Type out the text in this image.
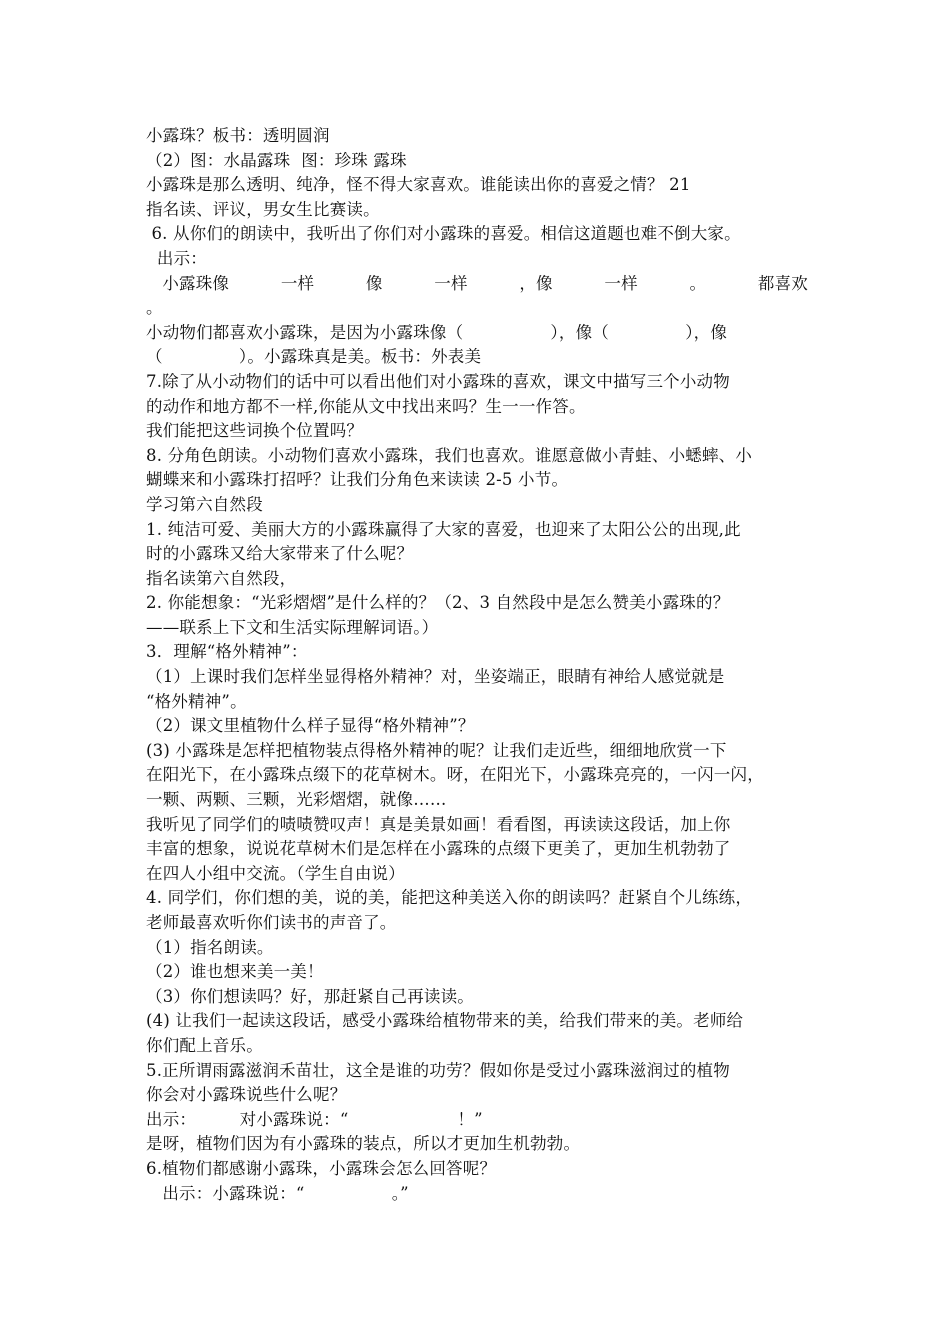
小露珠？板书：透明圆润
（2）图：水晶露珠  图：珍珠 露珠
小露珠是那么透明、纯净，怪不得大家喜欢。谁能读出你的喜爱之情？ 21
指名读、评议，男女生比赛读。
6. 从你们的朗读中，我听出了你们对小露珠的喜爱。相信这道题也难不倒大家。
出示：
小露珠像	一样	像	一样	，像	一样	。	都喜欢
。
小动物们都喜欢小露珠，是因为小露珠像（                ），像（              ），像
（              ）。小露珠真是美。板书：外表美
7.除了从小动物们的话中可以看出他们对小露珠的喜欢，课文中描写三个小动物
的动作和地方都不一样,你能从文中找出来吗？生一一作答。
我们能把这些词换个位置吗？
8. 分角色朗读。小动物们喜欢小露珠，我们也喜欢。谁愿意做小青蛙、小蟋蟀、小
蝴蝶来和小露珠打招呼？让我们分角色来读读 2-5 小节。
学习第六自然段
1. 纯洁可爱、美丽大方的小露珠赢得了大家的喜爱，也迎来了太阳公公的出现,此
时的小露珠又给大家带来了什么呢？
指名读第六自然段，
2. 你能想象：“光彩熠熠”是什么样的？（2、3 自然段中是怎么赞美小露珠的？
——联系上下文和生活实际理解词语。）
3．理解“格外精神”：
（1）上课时我们怎样坐显得格外精神？对，坐姿端正，眼睛有神给人感觉就是
“格外精神”。
（2）课文里植物什么样子显得“格外精神”？
(3) 小露珠是怎样把植物装点得格外精神的呢？让我们走近些，细细地欣赏一下
在阳光下，在小露珠点缀下的花草树木。呀，在阳光下，小露珠亮亮的，一闪一闪，
一颗、两颗、三颗，光彩熠熠，就像……
我听见了同学们的啧啧赞叹声！真是美景如画！看看图，再读读这段话，加上你
丰富的想象，说说花草树木们是怎样在小露珠的点缀下更美了，更加生机勃勃了
在四人小组中交流。（学生自由说）
4. 同学们，你们想的美，说的美，能把这种美送入你的朗读吗？赶紧自个儿练练，
老师最喜欢听你们读书的声音了。
（1）指名朗读。
（2）谁也想来美一美！
（3）你们想读吗？好，那赶紧自己再读读。
(4) 让我们一起读这段话，感受小露珠给植物带来的美，给我们带来的美。老师给
你们配上音乐。
5.正所谓雨露滋润禾苗壮，这全是谁的功劳？假如你是受过小露珠滋润过的植物
你会对小露珠说些什么呢？
出示：        对小露珠说：“                    ！”
是呀，植物们因为有小露珠的装点，所以才更加生机勃勃。
6.植物们都感谢小露珠，小露珠会怎么回答呢？
出示：小露珠说：“                。”
